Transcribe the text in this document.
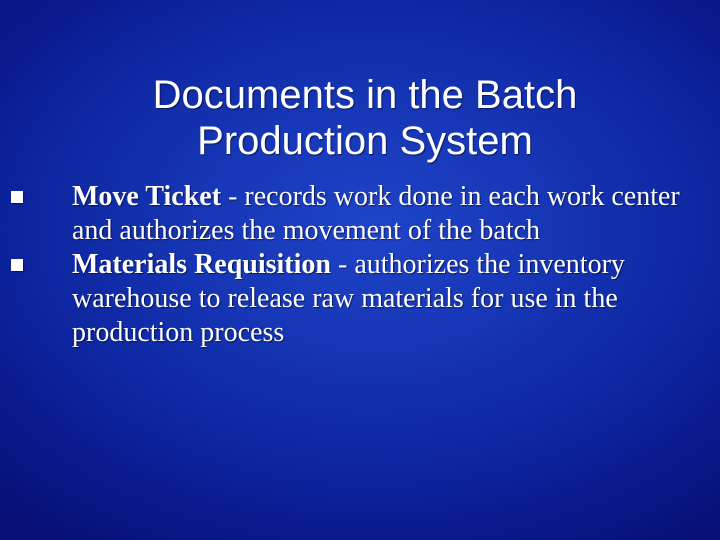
Documents in the Batch
Production System
Move Ticket - records work done in each work center and authorizes the movement of the batch
Materials Requisition - authorizes the inventory warehouse to release raw materials for use in the production process
